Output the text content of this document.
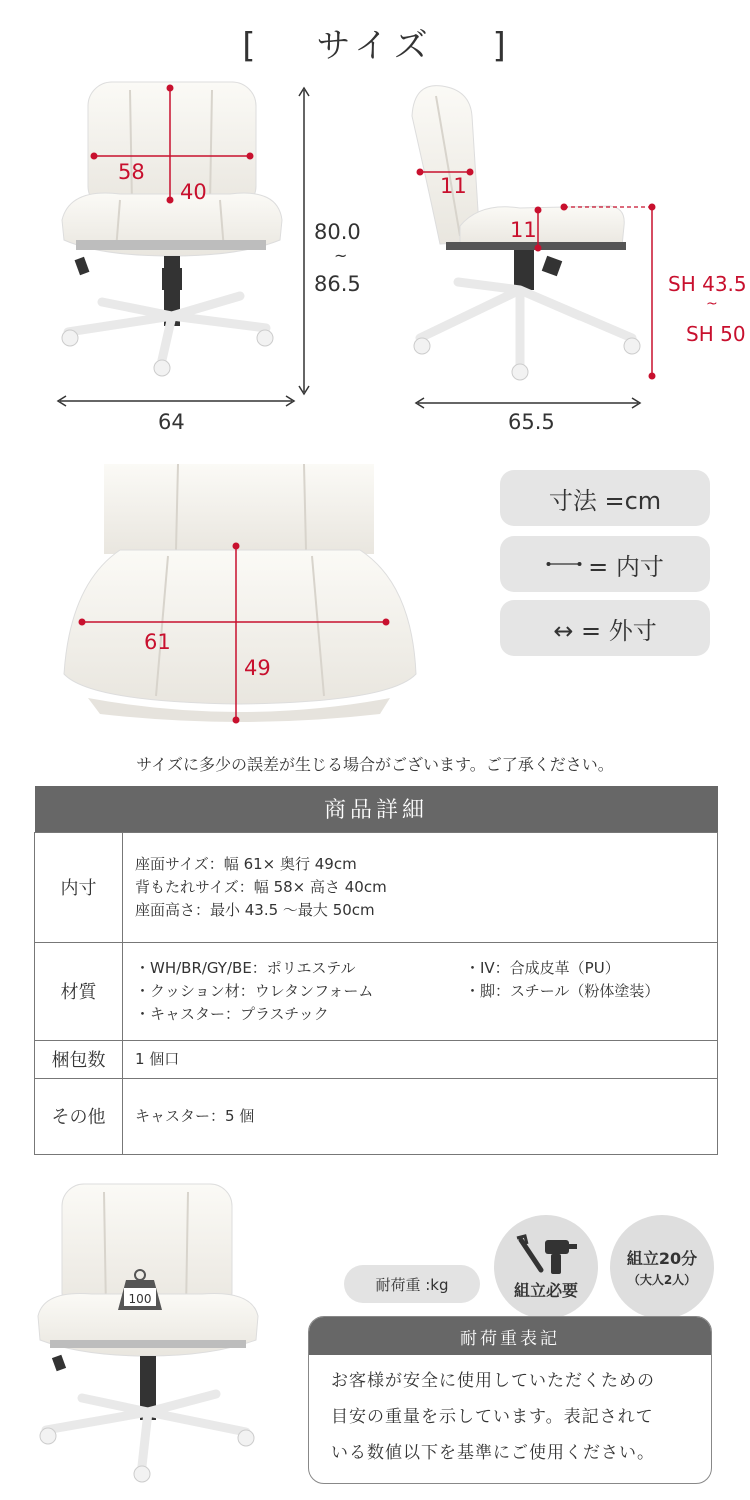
[ サイズ ]
58
40
80.0
~
86.5
64
11
11
SH 43.5
~
SH 50
65.5
61
49
寸法 =cm
= 内寸
↔ = 外寸
サイズに多少の誤差が生じる場合がございます。ご了承ください。
商品詳細	
内寸	座面サイズ：幅 61× 奥行 49cm
背もたれサイズ：幅 58× 高さ 40cm
座面高さ：最小 43.5 〜最大 50cm

材質	・WH/BR/GY/BE：ポリエステル
・クッション材：ウレタンフォーム
・キャスター：プラスチック
・IV：合成皮革（PU）
・脚：スチール（粉体塗装）

梱包数	1 個口
その他	キャスター：5 個
100
耐荷重 :kg	組立必要
組立20分
（大人2人）
耐荷重表記
お客様が安全に使用していただくための
目安の重量を示しています。表記されて
いる数値以下を基準にご使用ください。
